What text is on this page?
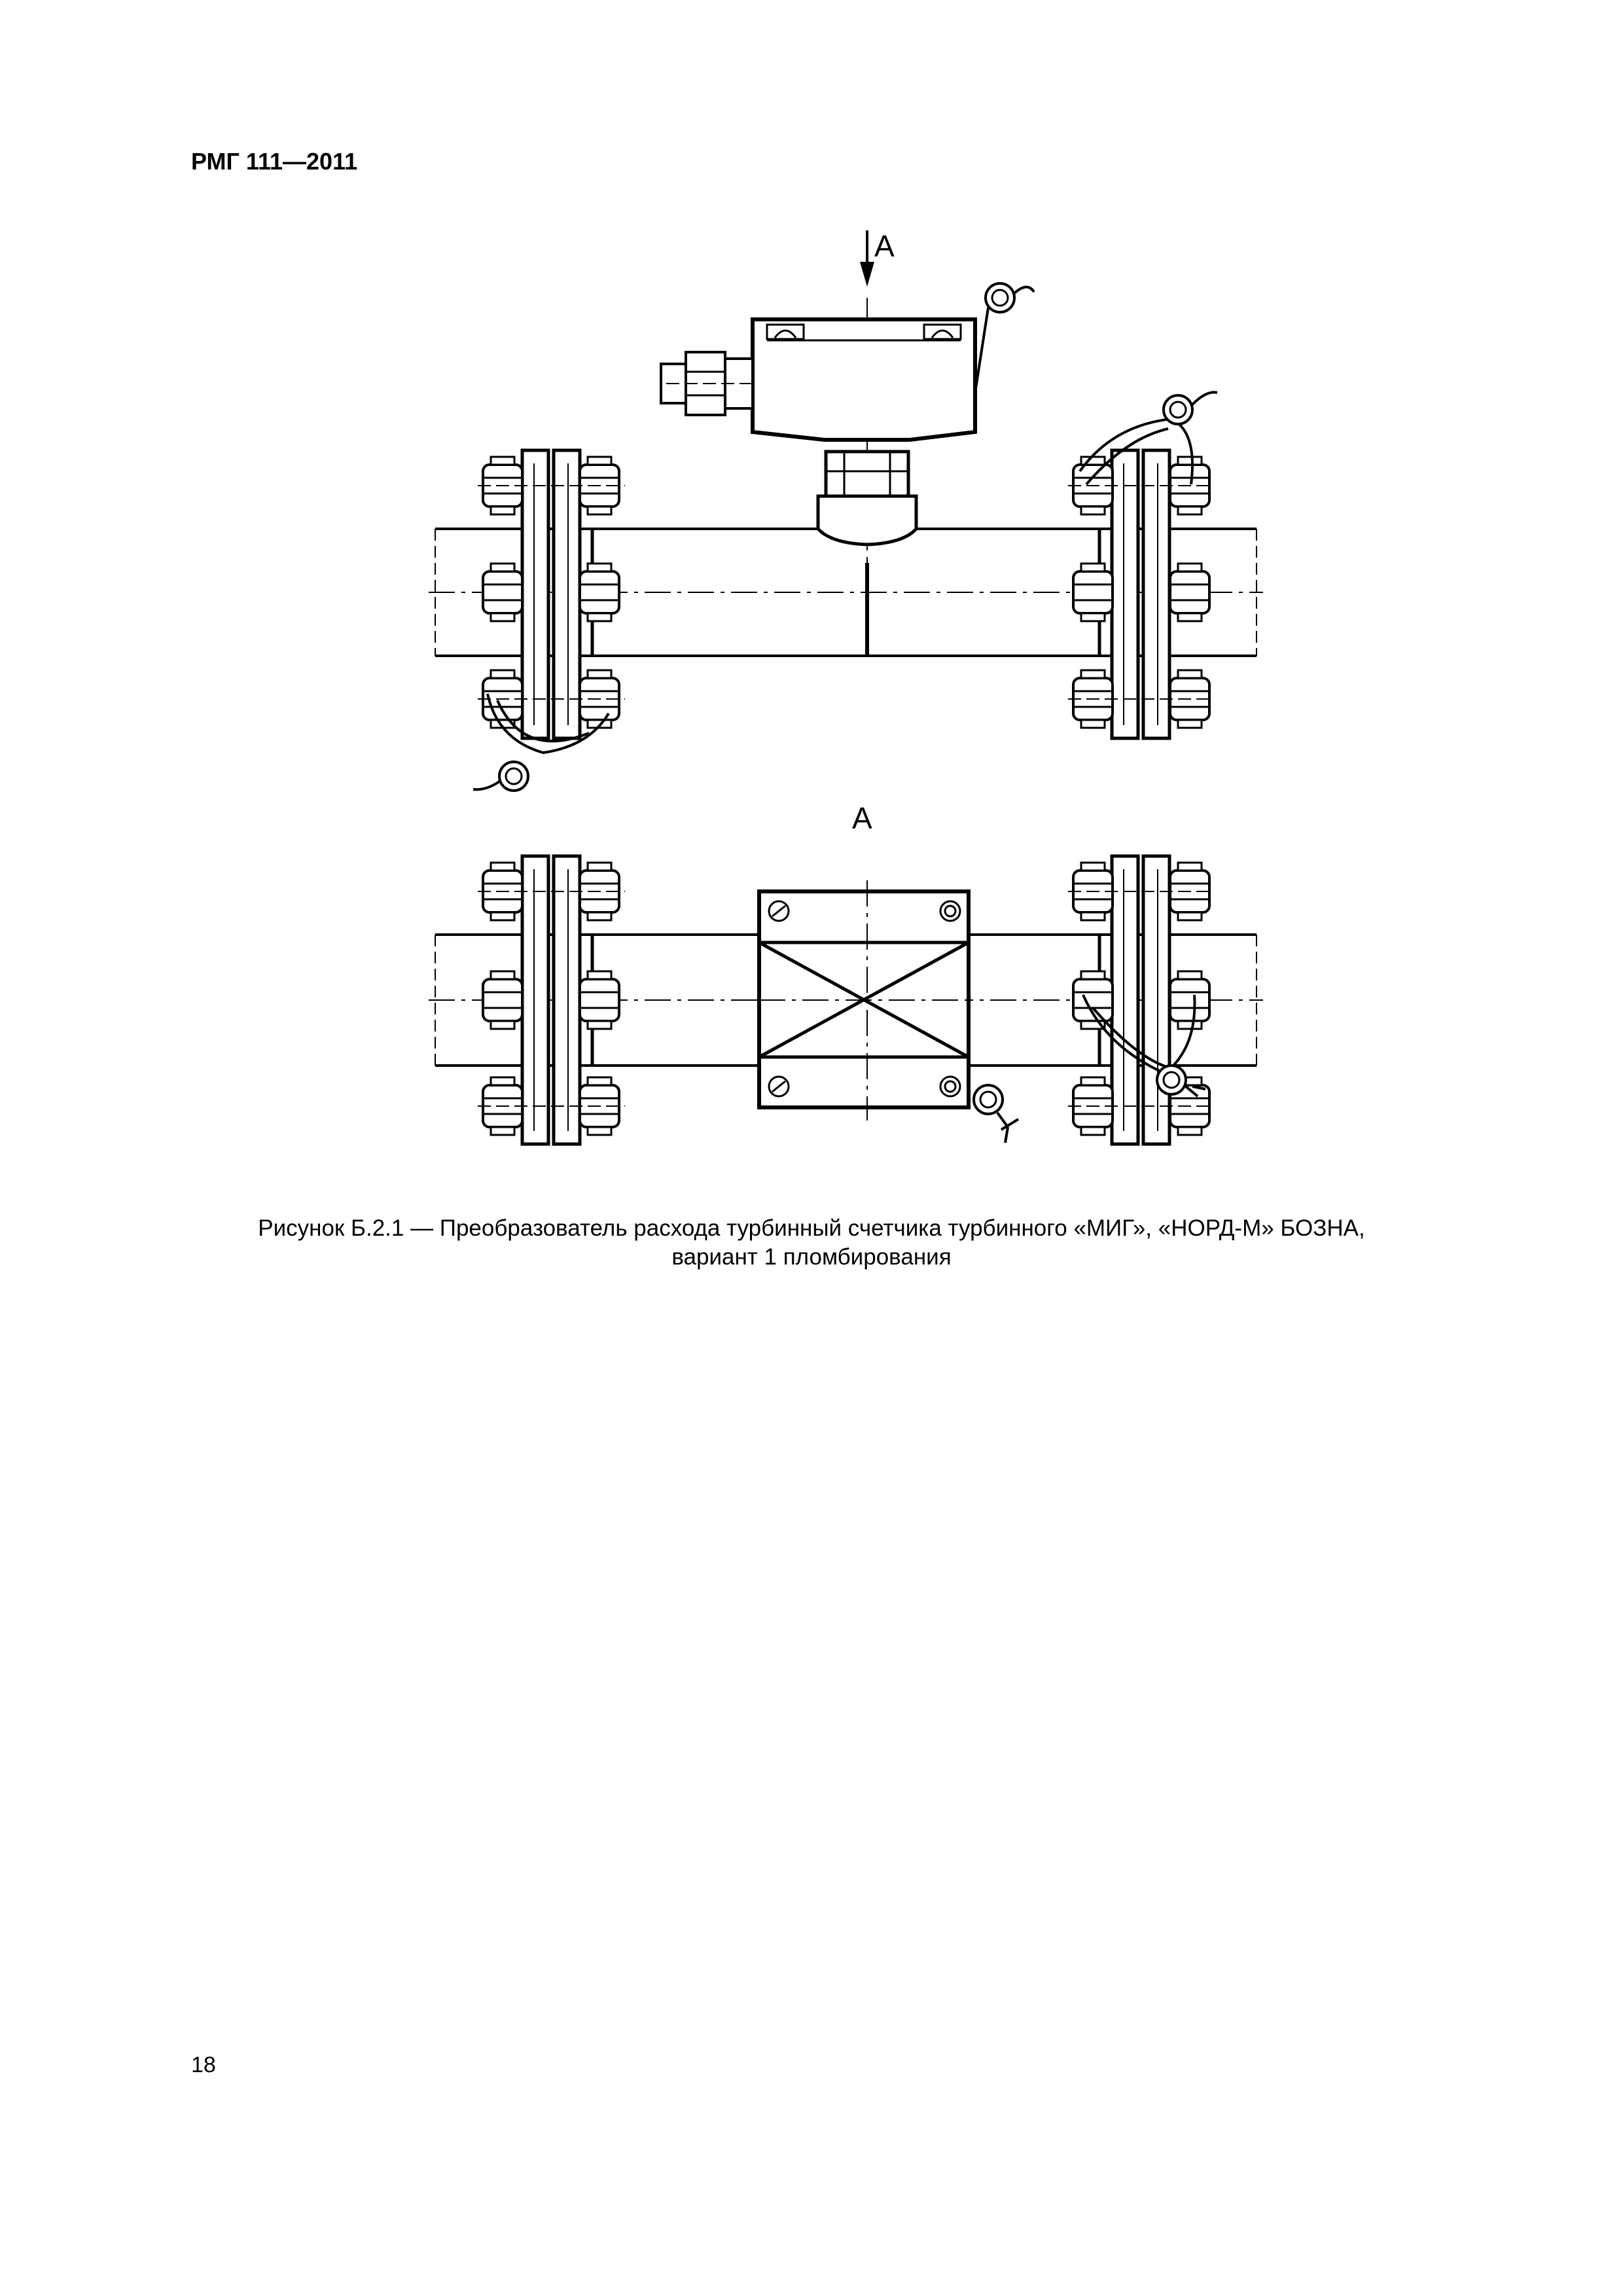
РМГ 111—2011
А
А
Рисунок Б.2.1 — Преобразователь расхода турбинный счетчика турбинного «МИГ», «НОРД-М» БОЗНА,
вариант 1 пломбирования
18
